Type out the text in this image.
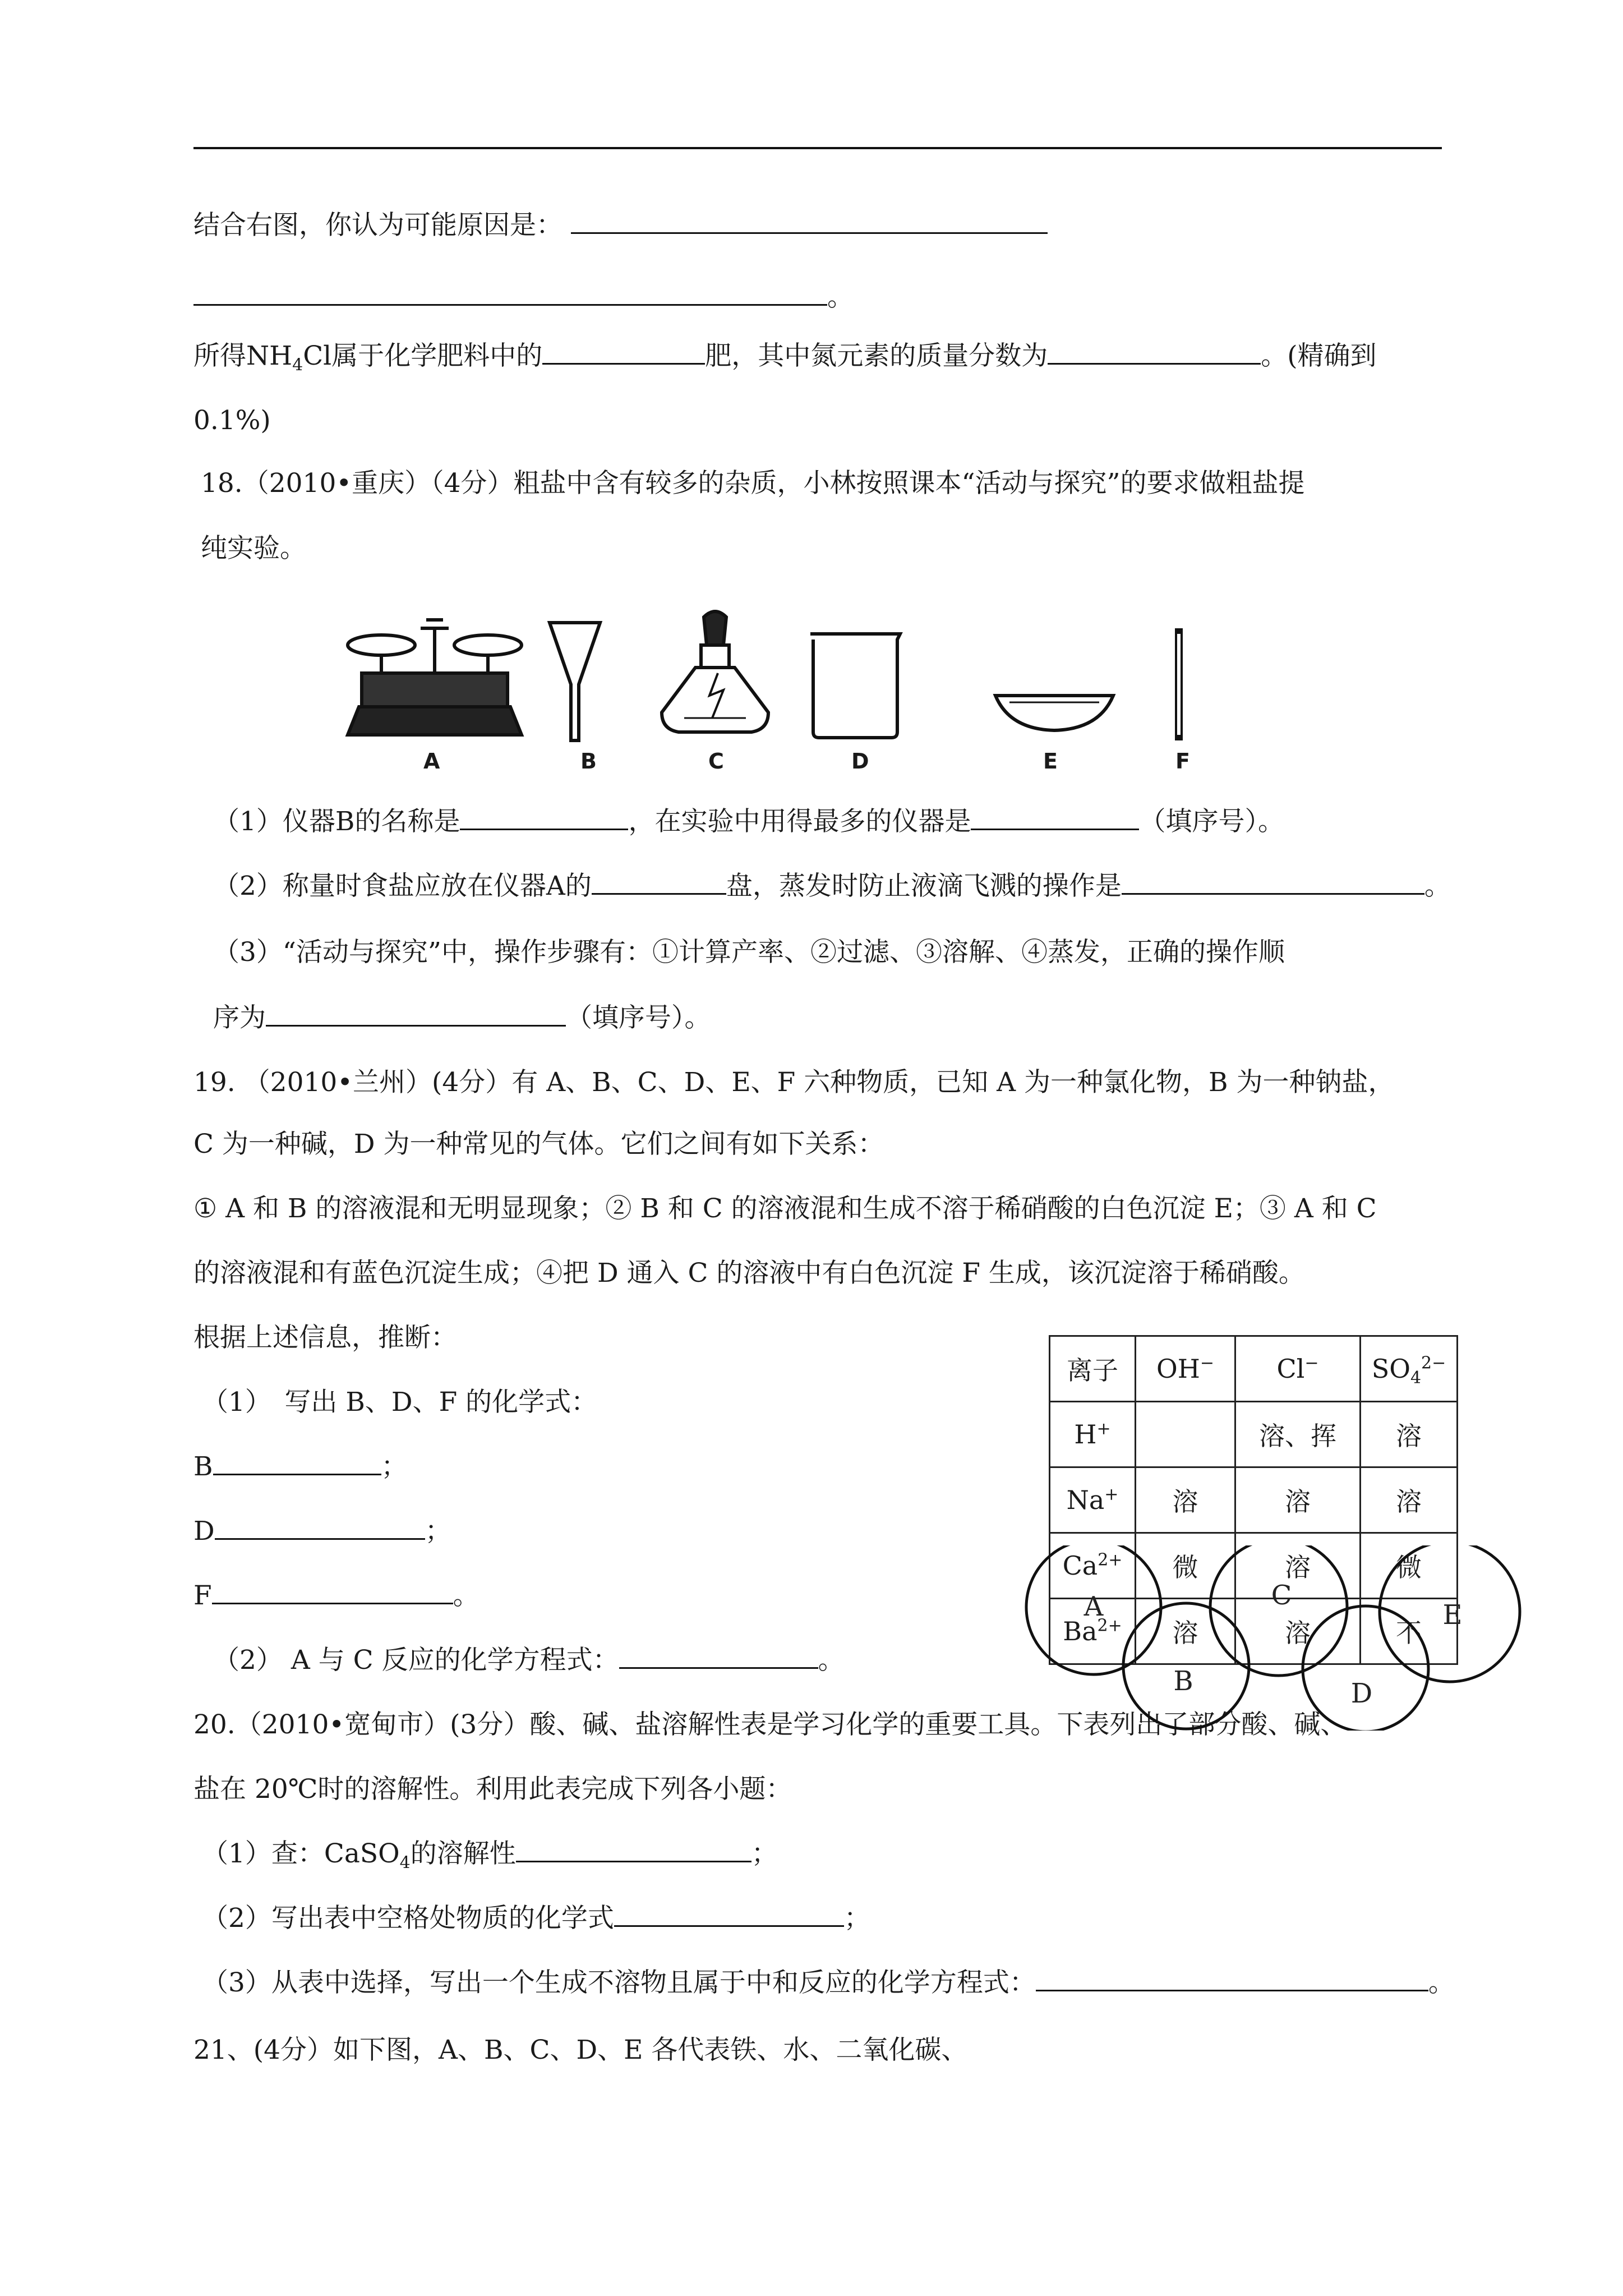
结合右图，你认为可能原因是：
。
所得$NH_4Cl$属于化学肥料中的	肥，其中氮元素的质量分数为	。(精确到
0.1%)
18.（2010•重庆）（4分）粗盐中含有较多的杂质，小林按照课本“活动与探究”的要求做粗盐提
纯实验。
A	B	C	D	E	F
（1）仪器B的名称是	，在实验中用得最多的仪器是	（填序号）。
（2）称量时食盐应放在仪器A的	盘，蒸发时防止液滴飞溅的操作是	。
（3）“活动与探究”中，操作步骤有：①计算产率、②过滤、③溶解、④蒸发，正确的操作顺
序为	（填序号）。
19. （2010•兰州）(4分）有 A、B、C、D、E、F 六种物质，已知 A 为一种氯化物，B 为一种钠盐，
C 为一种碱，D 为一种常见的气体。它们之间有如下关系：
① A 和 B 的溶液混和无明显现象；② B 和 C 的溶液混和生成不溶于稀硝酸的白色沉淀 E；③ A 和 C
的溶液混和有蓝色沉淀生成；④把 D 通入 C 的溶液中有白色沉淀 F 生成，该沉淀溶于稀硝酸。
根据上述信息，推断：
（1）　写出 B、D、F 的化学式：
B	；
D	；
F	。
（2） A 与 C 反应的化学方程式：	。
离子	OH−	Cl−	$SO_4^{2-}$
H+		溶、挥	溶
Na+	溶	溶	溶
$Ca^{2+}$	微	溶	微
$Ba^{2+}$	溶	溶	不
20.（2010•宽甸市）(3分）酸、碱、盐溶解性表是学习化学的重要工具。下表列出了部分酸、碱、
盐在 20℃时的溶解性。利用此表完成下列各小题：
（1）查：CaSO$_4$的溶解性	；
（2）写出表中空格处物质的化学式	；
（3）从表中选择，写出一个生成不溶物且属于中和反应的化学方程式：	。
21、(4分）如下图，A、B、C、D、E 各代表铁、水、二氧化碳、
A
B
C
D
E
